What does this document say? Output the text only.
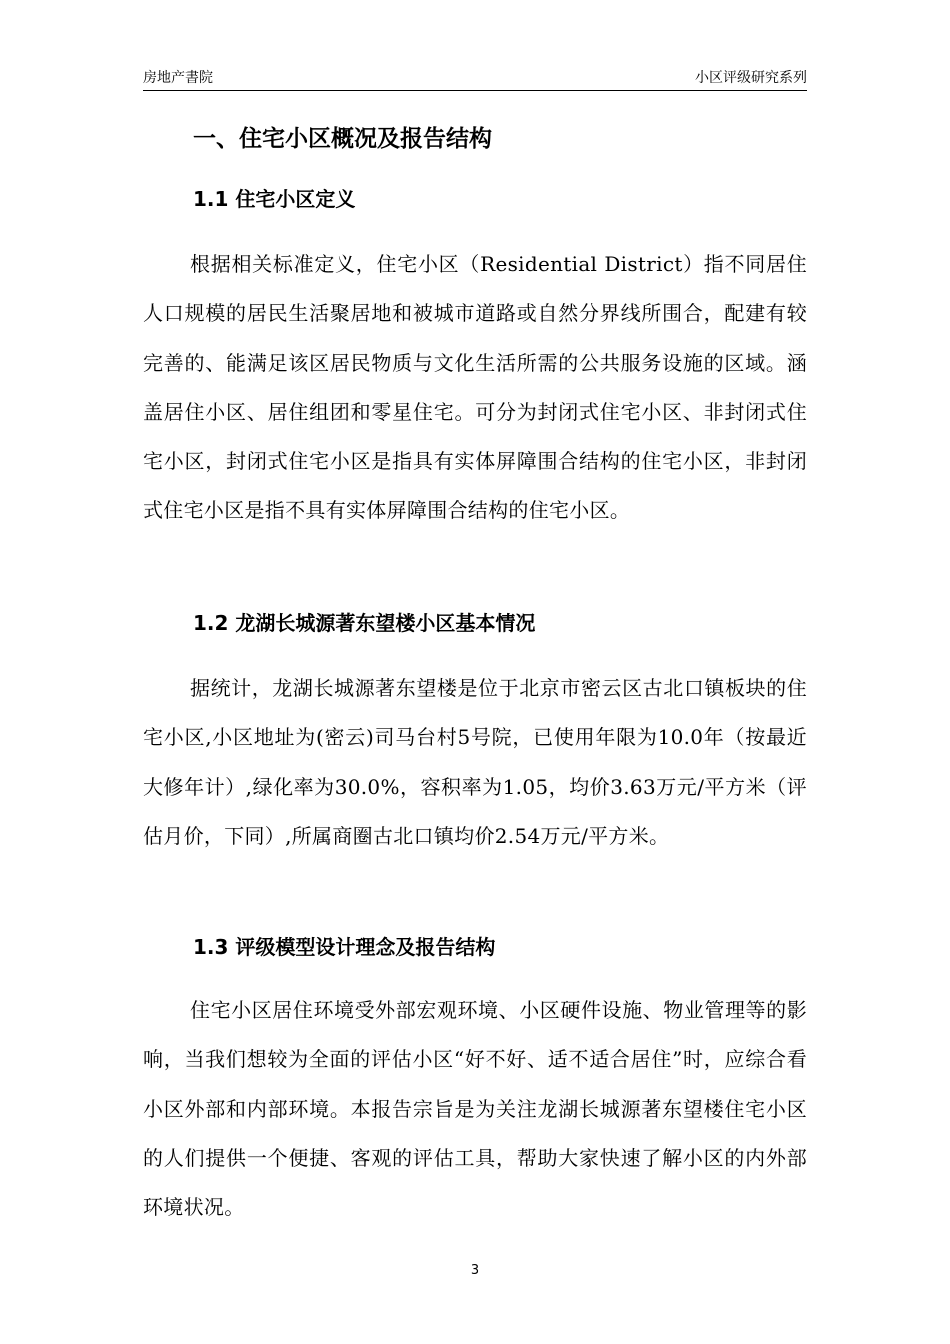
房地产書院	小区评级研究系列
一、住宅小区概况及报告结构
1.1 住宅小区定义

根据相关标准定义，住宅小区（Residential District）指不同居住人口规模的居民生活聚居地和被城市道路或自然分界线所围合，配建有较完善的、能满足该区居民物质与文化生活所需的公共服务设施的区域。涵盖居住小区、居住组团和零星住宅。可分为封闭式住宅小区、非封闭式住宅小区，封闭式住宅小区是指具有实体屏障围合结构的住宅小区，非封闭式住宅小区是指不具有实体屏障围合结构的住宅小区。

1.2 龙湖长城源著东望楼小区基本情况

据统计，龙湖长城源著东望楼是位于北京市密云区古北口镇板块的住宅小区,小区地址为(密云)司马台村5号院，已使用年限为10.0年（按最近大修年计）,绿化率为30.0%，容积率为1.05，均价3.63万元/平方米（评估月价，下同）,所属商圈古北口镇均价2.54万元/平方米。

1.3 评级模型设计理念及报告结构

住宅小区居住环境受外部宏观环境、小区硬件设施、物业管理等的影响，当我们想较为全面的评估小区“好不好、适不适合居住”时，应综合看小区外部和内部环境。本报告宗旨是为关注龙湖长城源著东望楼住宅小区的人们提供一个便捷、客观的评估工具，帮助大家快速了解小区的内外部环境状况。

3
